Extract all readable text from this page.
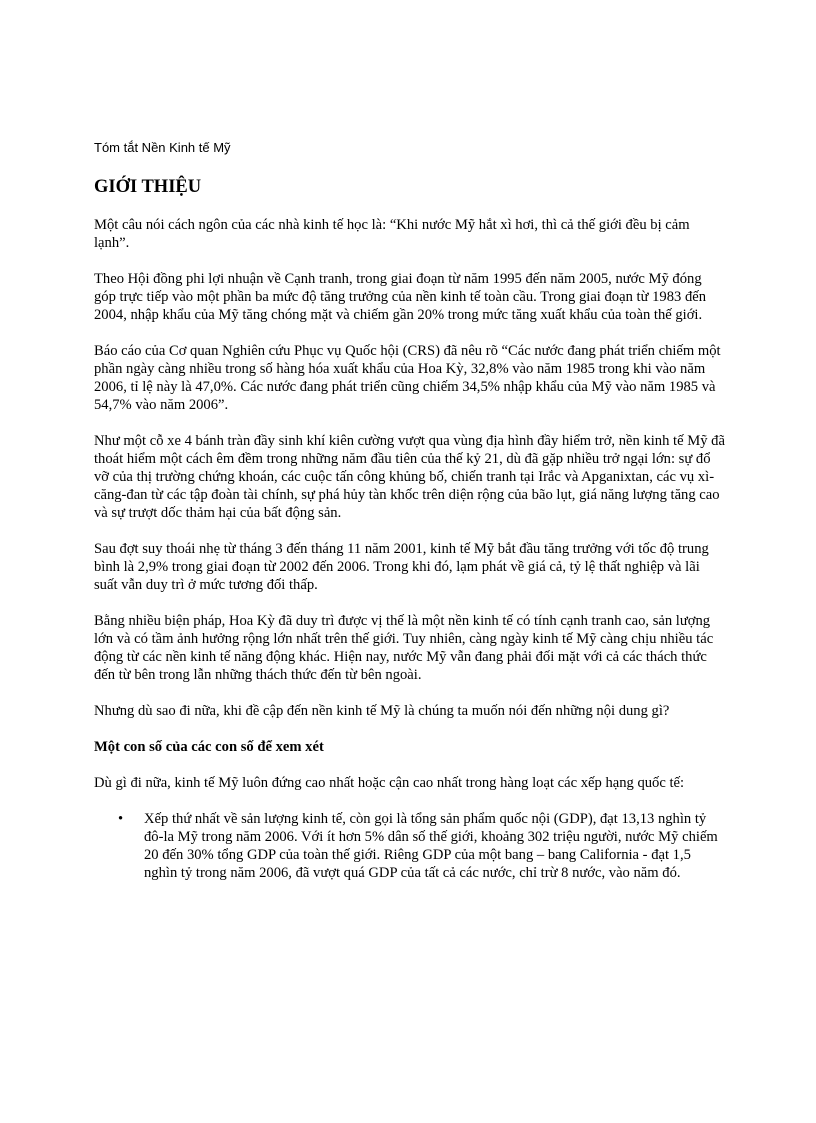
Tóm tắt Nền Kinh tế Mỹ
GIỚI THIỆU

Một câu nói cách ngôn của các nhà kinh tế học là: “Khi nước Mỹ hắt xì hơi, thì cả thế giới đều bị cảm lạnh”.

Theo Hội đồng phi lợi nhuận về Cạnh tranh, trong giai đoạn từ năm 1995 đến năm 2005, nước Mỹ đóng góp trực tiếp vào một phần ba mức độ tăng trưởng của nền kinh tế toàn cầu. Trong giai đoạn từ 1983 đến 2004, nhập khẩu của Mỹ tăng chóng mặt và chiếm gần 20% trong mức tăng xuất khẩu của toàn thế giới.

Báo cáo của Cơ quan Nghiên cứu Phục vụ Quốc hội (CRS) đã nêu rõ “Các nước đang phát triển chiếm một phần ngày càng nhiều trong số hàng hóa xuất khẩu của Hoa Kỳ, 32,8% vào năm 1985 trong khi vào năm 2006, tỉ lệ này là 47,0%. Các nước đang phát triển cũng chiếm 34,5% nhập khẩu của Mỹ vào năm 1985 và 54,7% vào năm 2006”.

Như một cỗ xe 4 bánh tràn đầy sinh khí kiên cường vượt qua vùng địa hình đầy hiểm trở, nền kinh tế Mỹ đã thoát hiểm một cách êm đềm trong những năm đầu tiên của thế kỷ 21, dù đã gặp nhiều trở ngại lớn: sự đổ vỡ của thị trường chứng khoán, các cuộc tấn công khủng bố, chiến tranh tại Irắc và Apganixtan, các vụ xì-căng-đan từ các tập đoàn tài chính, sự phá hủy tàn khốc trên diện rộng của bão lụt, giá năng lượng tăng cao và sự trượt dốc thảm hại của bất động sản.

Sau đợt suy thoái nhẹ từ tháng 3 đến tháng 11 năm 2001, kinh tế Mỹ bắt đầu tăng trưởng với tốc độ trung bình là 2,9% trong giai đoạn từ 2002 đến 2006. Trong khi đó, lạm phát về giá cả, tỷ lệ thất nghiệp và lãi suất vẫn duy trì ở mức tương đối thấp.

Bằng nhiều biện pháp, Hoa Kỳ đã duy trì được vị thế là một nền kinh tế có tính cạnh tranh cao, sản lượng lớn và có tầm ảnh hưởng rộng lớn nhất trên thế giới. Tuy nhiên, càng ngày kinh tế Mỹ càng chịu nhiều tác động từ các nền kinh tế năng động khác. Hiện nay, nước Mỹ vẫn đang phải đối mặt với cả các thách thức đến từ bên trong lẫn những thách thức đến từ bên ngoài.

Nhưng dù sao đi nữa, khi đề cập đến nền kinh tế Mỹ là chúng ta muốn nói đến những nội dung gì?

Một con số của các con số để xem xét

Dù gì đi nữa, kinh tế Mỹ luôn đứng cao nhất hoặc cận cao nhất trong hàng loạt các xếp hạng quốc tế:

•	Xếp thứ nhất về sản lượng kinh tế, còn gọi là tổng sản phẩm quốc nội (GDP), đạt 13,13 nghìn tỷ đô-la Mỹ trong năm 2006. Với ít hơn 5% dân số thế giới, khoảng 302 triệu người, nước Mỹ chiếm 20 đến 30% tổng GDP của toàn thế giới. Riêng GDP của một bang – bang California - đạt 1,5 nghìn tỷ trong năm 2006, đã vượt quá GDP của tất cả các nước, chỉ trừ 8 nước, vào năm đó.
